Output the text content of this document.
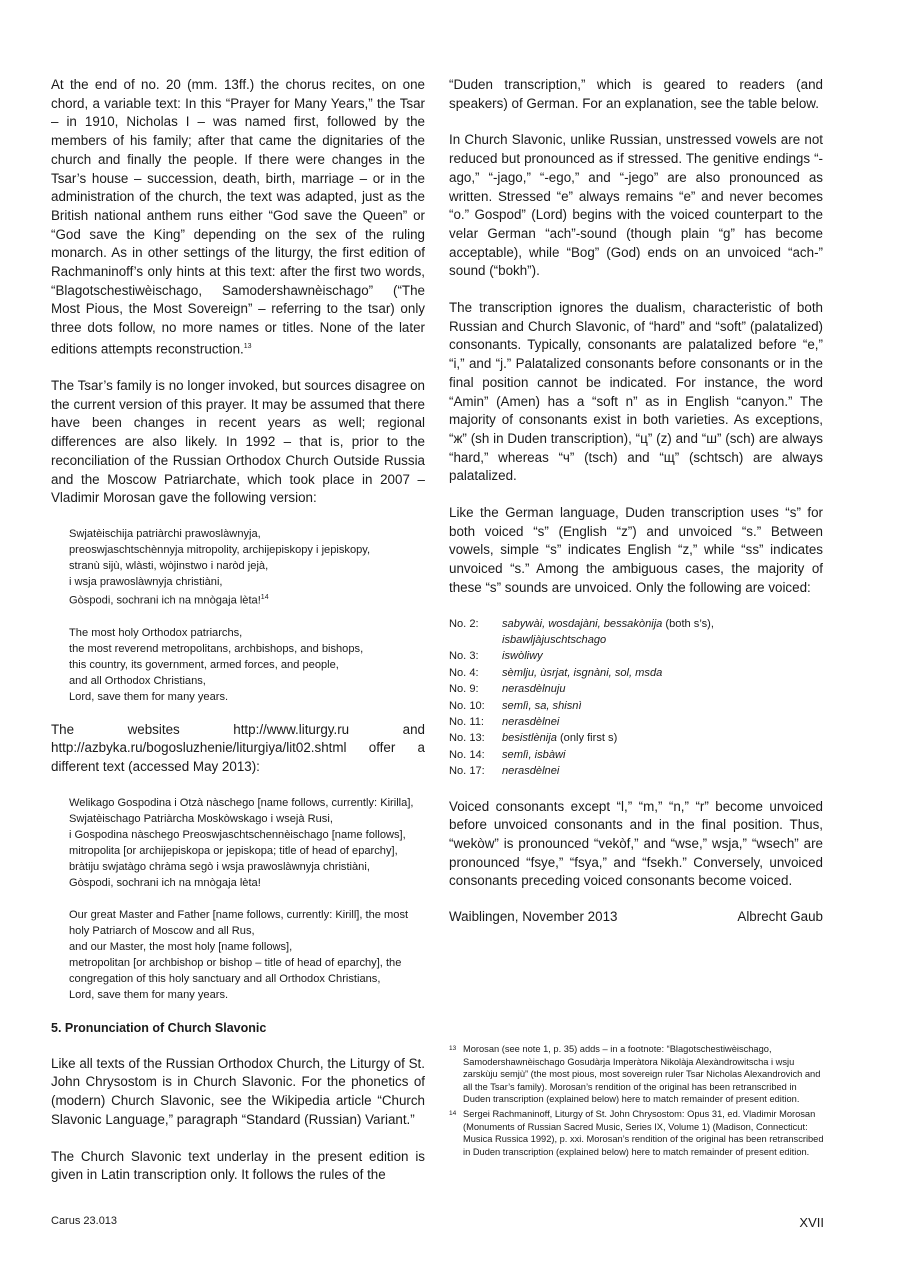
At the end of no. 20 (mm. 13ff.) the chorus recites, on one chord, a variable text: In this “Prayer for Many Years,” the Tsar – in 1910, Nicholas I – was named first, followed by the members of his family; after that came the dignitaries of the church and finally the people. If there were changes in the Tsar’s house – succession, death, birth, marriage – or in the administration of the church, the text was adapted, just as the British national anthem runs either “God save the Queen” or “God save the King” depending on the sex of the ruling monarch. As in other settings of the liturgy, the first edition of Rachmaninoff’s only hints at this text: after the first two words, “Blagotschestiwèischago, Samodershawnèischago” (“The Most Pious, the Most Sovereign” – referring to the tsar) only three dots follow, no more names or titles. None of the later editions attempts reconstruction.$^{13}$

The Tsar’s family is no longer invoked, but sources disagree on the current version of this prayer. It may be assumed that there have been changes in recent years as well; regional differences are also likely. In 1992 – that is, prior to the reconciliation of the Russian Orthodox Church Outside Russia and the Moscow Patriarchate, which took place in 2007 – Vladimir Morosan gave the following version:

Swjatèischija patriàrchi prawoslàwnyja,
preoswjaschtschènnyja mitropolity, archijepiskopy i jepiskopy,
stranù sijù, wlàsti, wòjinstwo i naròd jejà,
i wsja prawoslàwnyja christiàni,
Gòspodi, sochrani ich na mnògaja lèta!$^{14}$
The most holy Orthodox patriarchs,
the most reverend metropolitans, archbishops, and bishops,
this country, its government, armed forces, and people,
and all Orthodox Christians,
Lord, save them for many years.

The websites http://www.liturgy.ru and http://azbyka.ru/bogosluzhenie/liturgiya/lit02.shtml offer a different text (accessed May 2013):

Welikago Gospodina i Otzà nàschego [name follows, currently: Kirilla], Swjatèischago Patriàrcha Moskòwskago i wsejà Rusi,
i Gospodina nàschego Preoswjaschtschennèischago [name follows], mitropolita [or archijepiskopa or jepiskopa; title of head of eparchy],
bràtiju swjatàgo chràma segò i wsja prawoslàwnyja christiàni,
Gòspodi, sochrani ich na mnògaja lèta!
Our great Master and Father [name follows, currently: Kirill], the most holy Patriarch of Moscow and all Rus,
and our Master, the most holy [name follows],
metropolitan [or archbishop or bishop – title of head of eparchy], the congregation of this holy sanctuary and all Orthodox Christians,
Lord, save them for many years.
5. Pronunciation of Church Slavonic

Like all texts of the Russian Orthodox Church, the Liturgy of St. John Chrysostom is in Church Slavonic. For the phonetics of (modern) Church Slavonic, see the Wikipedia article “Church Slavonic Language,” paragraph “Standard (Russian) Variant.”

The Church Slavonic text underlay in the present edition is given in Latin transcription only. It follows the rules of the

“Duden transcription,” which is geared to readers (and speakers) of German. For an explanation, see the table below.

In Church Slavonic, unlike Russian, unstressed vowels are not reduced but pronounced as if stressed. The genitive endings “-ago,” “-jago,” “-ego,” and “-jego” are also pronounced as written. Stressed “e” always remains “e” and never becomes “o.” Gospod” (Lord) begins with the voiced counterpart to the velar German “ach”-sound (though plain “g” has become acceptable), while “Bog” (God) ends on an unvoiced “ach-” sound (“bokh”).

The transcription ignores the dualism, characteristic of both Russian and Church Slavonic, of “hard” and “soft” (palatalized) consonants. Typically, consonants are palatalized before “e,” “i,” and “j.” Palatalized consonants before consonants or in the final position cannot be indicated. For instance, the word “Amin” (Amen) has a “soft n” as in English “canyon.” The majority of consonants exist in both varieties. As exceptions, “ж” (sh in Duden transcription), “ц” (z) and “ш” (sch) are always “hard,” whereas “ч” (tsch) and “щ” (schtsch) are always palatalized.

Like the German language, Duden transcription uses “s” for both voiced “s” (English “z”) and unvoiced “s.” Between vowels, simple “s” indicates English “z,” while “ss” indicates unvoiced “s.” Among the ambiguous cases, the majority of these “s” sounds are unvoiced. Only the following are voiced:

No. 2:	sabywài, wosdajàni, bessakònija (both s’s),
	isbawljàjuschtschago
No. 3:	iswòliwy
No. 4:	sèmlju, ùsrjat, isgnàni, sol, msda
No. 9:	nerasdèlnuju
No. 10:	semlì, sa, shisnì
No. 11:	nerasdèlnei
No. 13:	besistlènija (only first s)
No. 14:	semlì, isbàwi
No. 17:	nerasdèlnei

Voiced consonants except “l,” “m,” “n,” “r” become unvoiced before unvoiced consonants and in the final position. Thus, “wekòw” is pronounced “vekòf,” and “wse,” wsja,” “wsech” are pronounced “fsye,” “fsya,” and “fsekh.” Conversely, unvoiced consonants preceding voiced consonants become voiced.

Waiblingen, November 2013	Albrecht Gaub
13 Morosan (see note 1, p. 35) adds – in a footnote: “Blagotschestiwèischago, Samodershawnèischago Gosudàrja Imperàtora Nikolàja Alexàndrowitscha i wsju zarskùju semjù” (the most pious, most sovereign ruler Tsar Nicholas Alexandrovich and all the Tsar’s family). Morosan’s rendition of the original has been retranscribed in Duden transcription (explained below) here to match remainder of present edition.
14 Sergei Rachmaninoff, Liturgy of St. John Chrysostom: Opus 31, ed. Vladimir Morosan (Monuments of Russian Sacred Music, Series IX, Volume 1) (Madison, Connecticut: Musica Russica 1992), p. xxi. Morosan’s rendition of the original has been retranscribed in Duden transcription (explained below) here to match remainder of present edition.
Carus 23.013	XVII
